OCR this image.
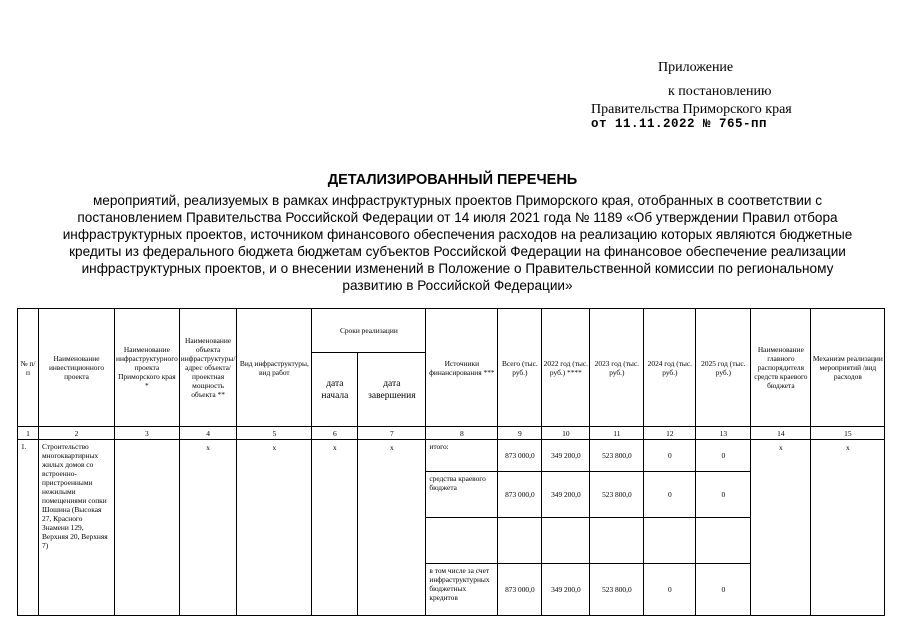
Приложение
к постановлению
Правительства Приморского края
от 11.11.2022 № 765-пп
ДЕТАЛИЗИРОВАННЫЙ ПЕРЕЧЕНЬ
мероприятий, реализуемых в рамках инфраструктурных проектов Приморского края, отобранных в соответствии с постановлением Правительства Российской Федерации от 14 июля 2021 года № 1189 «Об утверждении Правил отбора инфраструктурных проектов, источником финансового обеспечения расходов на реализацию которых являются бюджетные кредиты из федерального бюджета бюджетам субъектов Российской Федерации на финансовое обеспечение реализации инфраструктурных проектов, и о внесении изменений в Положение о Правительственной комиссии по региональному развитию в Российской Федерации»
№ п/п	Наименование инвестиционного проекта	Наименование инфраструктурного проекта Приморского края *	Наименование объекта инфраструктуры/ адрес объекта/ проектная мощность объекта **	Вид инфраструктуры, вид работ	Сроки реализации		Источники финансирования ***	Всего (тыс. руб.)	2022 год (тыс. руб.) ****	2023 год (тыс. руб.)	2024 год (тыс. руб.)	2025 год (тыс. руб.)	Наименование главного распорядителя средств краевого бюджета	Механизм реализации мероприятий /вид расходов
					дата начала	дата завершения								
1	2	3	4	5	6	7	8	9	10	11	12	13	14	15
1.	Строительство многоквартирных жилых домов со встроенно-пристроенными нежилыми помещениями сопки Шошина (Высокая 27, Красного Знамени 129, Верхняя 20, Верхняя 7)		x	x	x	x	итого:	873 000,0	349 200,0	523 800,0	0	0	x	x
							средства краевого бюджета	873 000,0	349 200,0	523 800,0	0	0		

							в том числе за счет инфраструктурных бюджетных кредитов	873 000,0	349 200,0	523 800,0	0	0		
